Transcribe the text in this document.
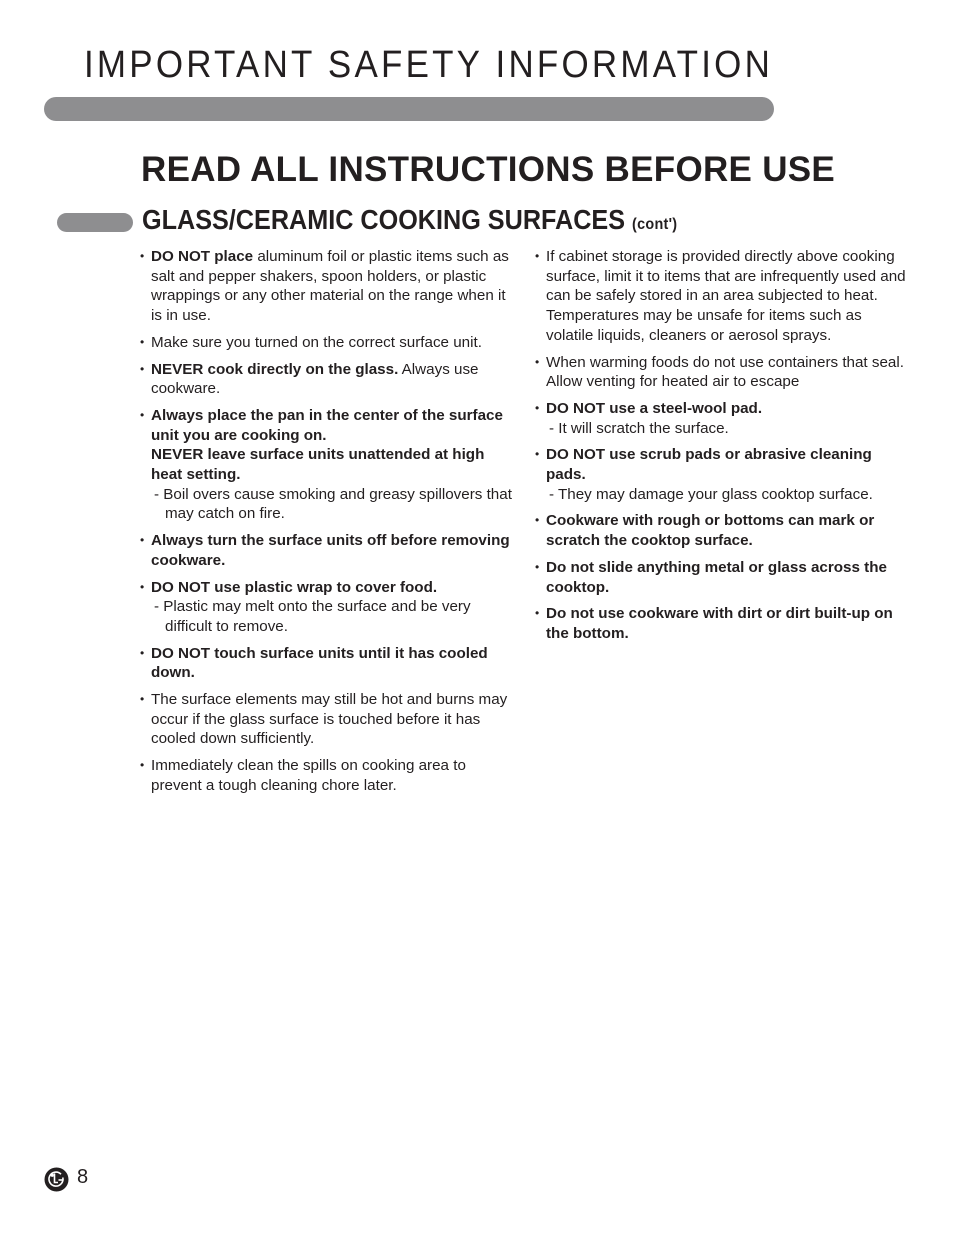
IMPORTANT SAFETY INFORMATION
READ ALL INSTRUCTIONS BEFORE USE
GLASS/CERAMIC COOKING SURFACES (cont')
• DO NOT place aluminum foil or plastic items such as salt and pepper shakers, spoon holders, or plastic wrappings or any other material on the range when it is in use.
• Make sure you turned on the correct surface unit.
• NEVER cook directly on the glass. Always use cookware.
• Always place the pan in the center of the surface unit you are cooking on.
NEVER leave surface units unattended at high heat setting.
- Boil overs cause smoking and greasy spillovers that may catch on fire.
• Always turn the surface units off before removing cookware.
• DO NOT use plastic wrap to cover food.
- Plastic may melt onto the surface and be very difficult to remove.
• DO NOT touch surface units until it has cooled down.
• The surface elements may still be hot and burns may occur if the glass surface is touched before it has cooled down sufficiently.
• Immediately clean the spills on cooking area to prevent a tough cleaning chore later.
• If cabinet storage is provided directly above cooking surface, limit it to items that are infrequently used and can be safely stored in an area subjected to heat. Temperatures may be unsafe for items such as volatile liquids, cleaners or aerosol sprays.
• When warming foods do not use containers that seal. Allow venting for heated air to escape
• DO NOT use a steel-wool pad.
- It will scratch the surface.
• DO NOT use scrub pads or abrasive cleaning pads.
- They may damage your glass cooktop surface.
• Cookware with rough or bottoms can mark or scratch the cooktop surface.
• Do not slide anything metal or glass across the cooktop.
• Do not use cookware with dirt or dirt built-up on the bottom.
8
